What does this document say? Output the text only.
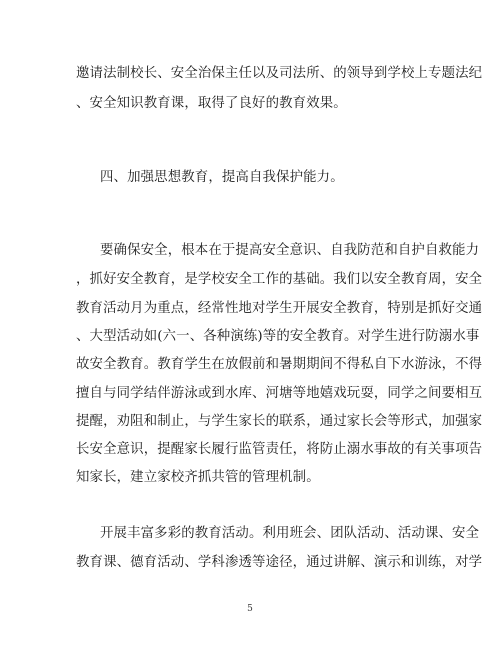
邀请法制校长、安全治保主任以及司法所、的领导到学校上专题法纪
、安全知识教育课，取得了良好的教育效果。
四、加强思想教育，提高自我保护能力。
要确保安全，根本在于提高安全意识、自我防范和自护自救能力
，抓好安全教育，是学校安全工作的基础。我们以安全教育周，安全
教育活动月为重点，经常性地对学生开展安全教育，特别是抓好交通
、大型活动如(六一、各种演练)等的安全教育。对学生进行防溺水事
故安全教育。教育学生在放假前和暑期期间不得私自下水游泳，不得
擅自与同学结伴游泳或到水库、河塘等地嬉戏玩耍，同学之间要相互
提醒，劝阻和制止，与学生家长的联系，通过家长会等形式，加强家
长安全意识，提醒家长履行监管责任，将防止溺水事故的有关事项告
知家长，建立家校齐抓共管的管理机制。
开展丰富多彩的教育活动。利用班会、团队活动、活动课、安全
教育课、德育活动、学科渗透等途径，通过讲解、演示和训练，对学
5
